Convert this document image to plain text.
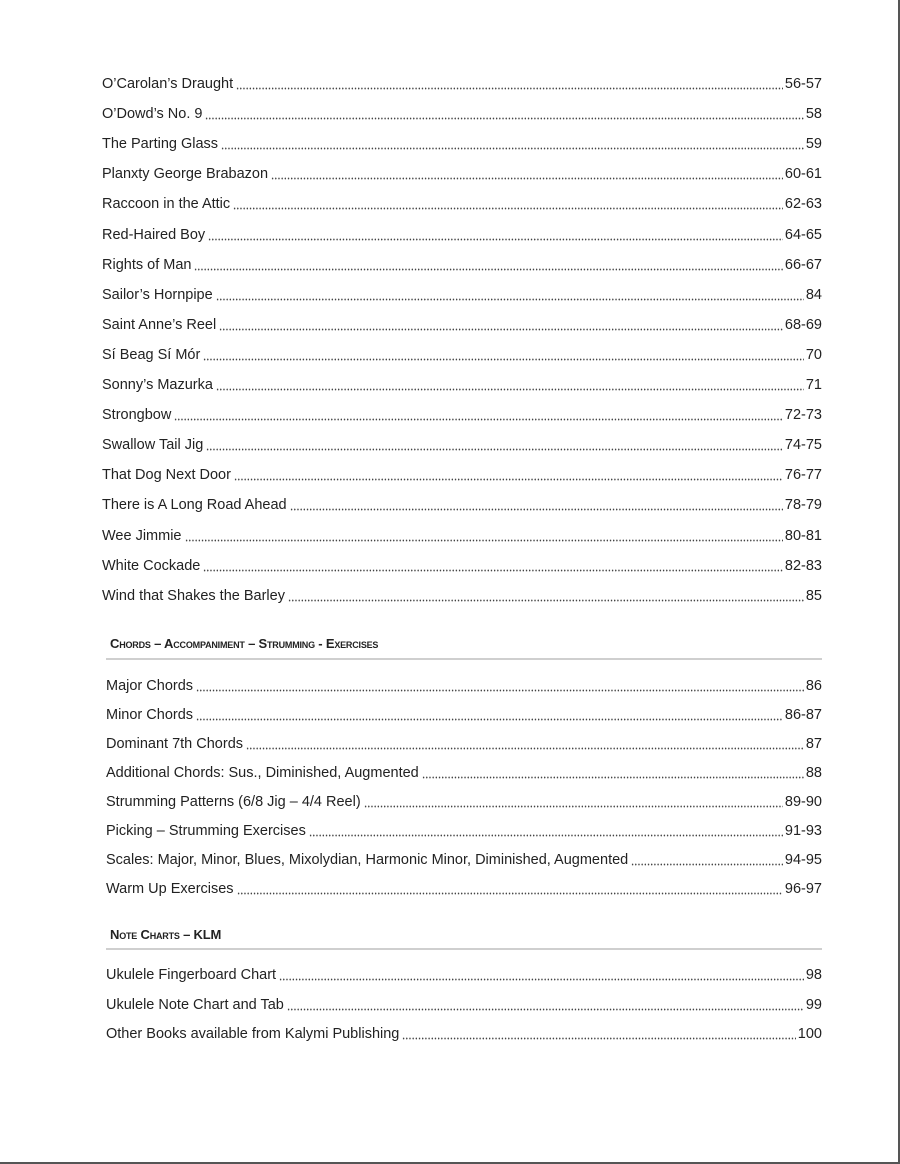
O’Carolan’s Draught	56-57
O’Dowd’s No. 9	58
The Parting Glass	59
Planxty George Brabazon	60-61
Raccoon in the Attic	62-63
Red-Haired Boy	64-65
Rights of Man	66-67
Sailor’s Hornpipe	84
Saint Anne’s Reel	68-69
Sí Beag Sí Mór	70
Sonny’s Mazurka	71
Strongbow	72-73
Swallow Tail Jig	74-75
That Dog Next Door	76-77
There is A Long Road Ahead	78-79
Wee Jimmie	80-81
White Cockade	82-83
Wind that Shakes the Barley	85
Chords – Accompaniment – Strumming - Exercises
Major Chords	86
Minor Chords	86-87
Dominant 7th Chords	87
Additional Chords: Sus., Diminished, Augmented	88
Strumming Patterns (6/8 Jig – 4/4 Reel)	89-90
Picking – Strumming Exercises	91-93
Scales: Major, Minor, Blues, Mixolydian, Harmonic Minor, Diminished, Augmented	94-95
Warm Up Exercises	96-97
Note Charts – KLM
Ukulele Fingerboard Chart	98
Ukulele Note Chart and Tab	99
Other Books available from Kalymi Publishing	100
